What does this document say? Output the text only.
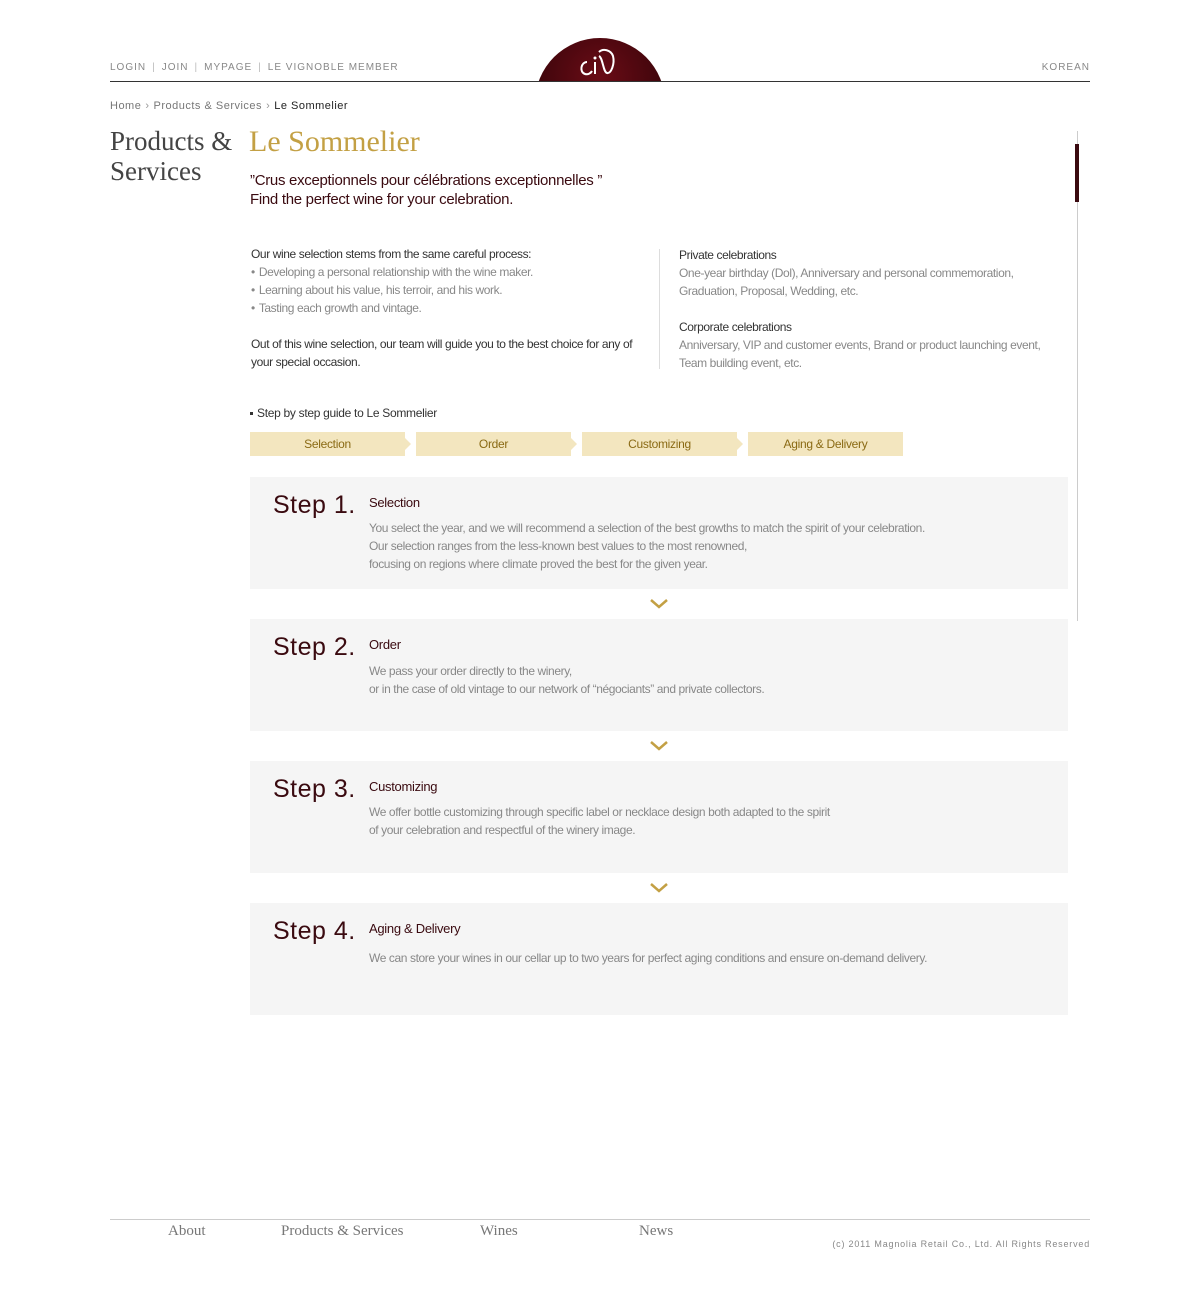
LOGIN | JOIN | MYPAGE | LE VIGNOBLE MEMBER	KOREAN
Home › Products & Services › Le Sommelier
Products & Services
Le Sommelier
”Crus exceptionnels pour célébrations exceptionnelles ”
Find the perfect wine for your celebration.
Our wine selection stems from the same careful process:
• Developing a personal relationship with the wine maker.
• Learning about his value, his terroir, and his work.
• Tasting each growth and vintage.
Out of this wine selection, our team will guide you to the best choice for any of your special occasion.
Private celebrations

One-year birthday (Dol), Anniversary and personal commemoration, Graduation, Proposal, Wedding, etc.

Corporate celebrations

Anniversary, VIP and customer events, Brand or product launching event, Team building event, etc.

Step by step guide to Le Sommelier
Selection	Order	Customizing	Aging & Delivery
Step 1. Selection
You select the year, and we will recommend a selection of the best growths to match the spirit of your celebration.
Our selection ranges from the less-known best values to the most renowned,
focusing on regions where climate proved the best for the given year.
Step 2. Order
We pass your order directly to the winery,
or in the case of old vintage to our network of “négociants” and private collectors.
Step 3. Customizing
We offer bottle customizing through specific label or necklace design both adapted to the spirit
of your celebration and respectful of the winery image.
Step 4. Aging & Delivery
We can store your wines in our cellar up to two years for perfect aging conditions and ensure on-demand delivery.
About	Products & Services	Wines	News
(c) 2011 Magnolia Retail Co., Ltd. All Rights Reserved
